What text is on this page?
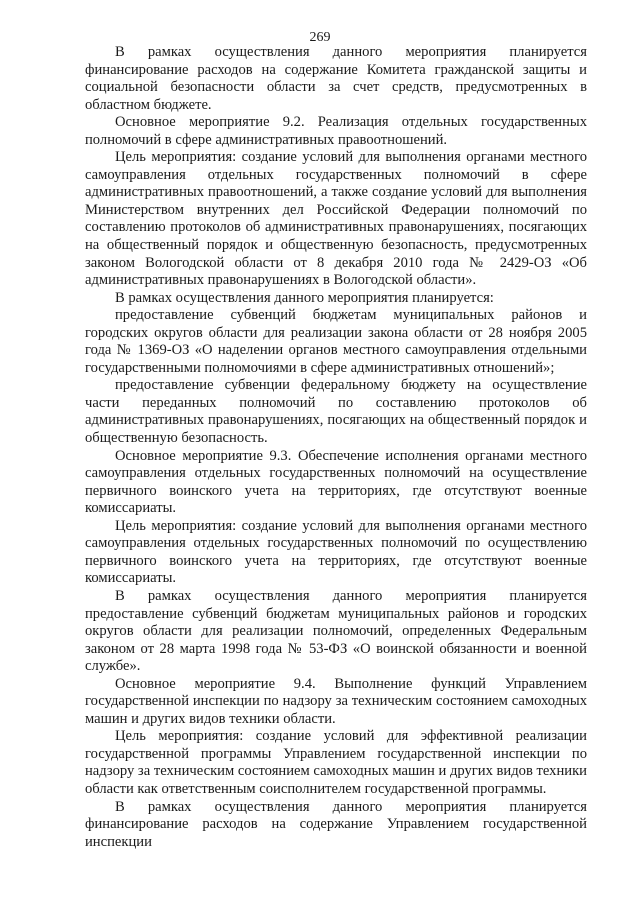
269

В рамках осуществления данного мероприятия планируется финансирование расходов на содержание Комитета гражданской защиты и социальной безопасности области за счет средств, предусмотренных в областном бюджете.

Основное мероприятие 9.2. Реализация отдельных государственных полномочий в сфере административных правоотношений.

Цель мероприятия: создание условий для выполнения органами местного самоуправления отдельных государственных полномочий в сфере административных правоотношений, а также создание условий для выполнения Министерством внутренних дел Российской Федерации полномочий по составлению протоколов об административных правонарушениях, посягающих на общественный порядок и общественную безопасность, предусмотренных законом Вологодской области от 8 декабря 2010 года № 2429-ОЗ «Об административных правонарушениях в Вологодской области».

В рамках осуществления данного мероприятия планируется:

предоставление субвенций бюджетам муниципальных районов и городских округов области для реализации закона области от 28 ноября 2005 года № 1369-ОЗ «О наделении органов местного самоуправления отдельными государственными полномочиями в сфере административных отношений»;

предоставление субвенции федеральному бюджету на осуществление части переданных полномочий по составлению протоколов об административных правонарушениях, посягающих на общественный порядок и общественную безопасность.

Основное мероприятие 9.3. Обеспечение исполнения органами местного самоуправления отдельных государственных полномочий на осуществление первичного воинского учета на территориях, где отсутствуют военные комиссариаты.

Цель мероприятия: создание условий для выполнения органами местного самоуправления отдельных государственных полномочий по осуществлению первичного воинского учета на территориях, где отсутствуют военные комиссариаты.

В рамках осуществления данного мероприятия планируется предоставление субвенций бюджетам муниципальных районов и городских округов области для реализации полномочий, определенных Федеральным законом от 28 марта 1998 года № 53-ФЗ «О воинской обязанности и военной службе».

Основное мероприятие 9.4. Выполнение функций Управлением государственной инспекции по надзору за техническим состоянием самоходных машин и других видов техники области.

Цель мероприятия: создание условий для эффективной реализации государственной программы Управлением государственной инспекции по надзору за техническим состоянием самоходных машин и других видов техники области как ответственным соисполнителем государственной программы.

В рамках осуществления данного мероприятия планируется финансирование расходов на содержание Управлением государственной инспекции
